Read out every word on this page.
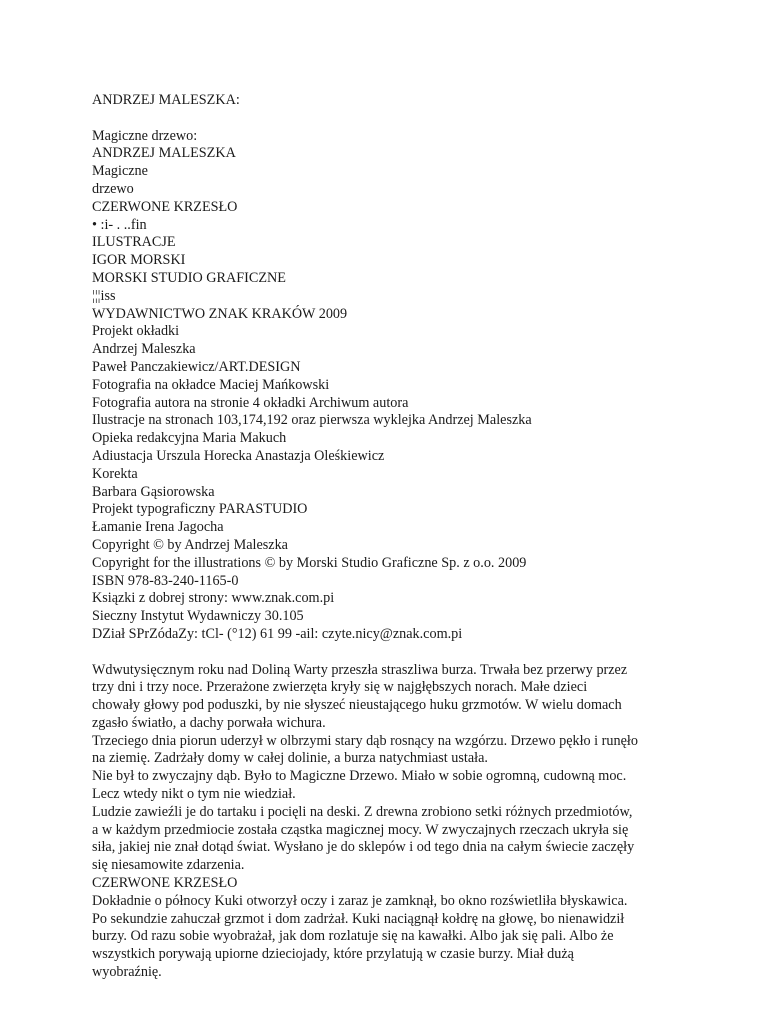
ANDRZEJ MALESZKA:
Magiczne drzewo:
ANDRZEJ MALESZKA
Magiczne
drzewo
CZERWONE KRZESŁO
• :i- . ..fin
ILUSTRACJE
IGOR MORSKI
MORSKI STUDIO GRAFICZNE
¦¦¦iss
WYDAWNICTWO ZNAK KRAKÓW 2009
Projekt okładki
Andrzej Maleszka
Paweł Panczakiewicz/ART.DESIGN
Fotografia na okładce Maciej Mańkowski
Fotografia autora na stronie 4 okładki Archiwum autora
Ilustracje na stronach 103,174,192 oraz pierwsza wyklejka Andrzej Maleszka
Opieka redakcyjna Maria Makuch
Adiustacja Urszula Horecka Anastazja Oleśkiewicz
Korekta
Barbara Gąsiorowska
Projekt typograficzny PARASTUDIO
Łamanie Irena Jagocha
Copyright © by Andrzej Maleszka
Copyright for the illustrations © by Morski Studio Graficzne Sp. z o.o. 2009
ISBN 978-83-240-1165-0
Ksiązki z dobrej strony: www.znak.com.pi
Sieczny Instytut Wydawniczy 30.105
DZiał SPrZódaZy: tCl- (°12) 61 99 -ail: czyte.nicy@znak.com.pi
Wdwutysięcznym roku nad Doliną Warty przeszła straszliwa burza. Trwała bez przerwy przez
trzy dni i trzy noce. Przerażone zwierzęta kryły się w najgłębszych norach. Małe dzieci
chowały głowy pod poduszki, by nie słyszeć nieustającego huku grzmotów. W wielu domach
zgasło światło, a dachy porwała wichura.
Trzeciego dnia piorun uderzył w olbrzymi stary dąb rosnący na wzgórzu. Drzewo pękło i runęło
na ziemię. Zadrżały domy w całej dolinie, a burza natychmiast ustała.
Nie był to zwyczajny dąb. Było to Magiczne Drzewo. Miało w sobie ogromną, cudowną moc.
Lecz wtedy nikt o tym nie wiedział.
Ludzie zawieźli je do tartaku i pocięli na deski. Z drewna zrobiono setki różnych przedmiotów,
a w każdym przedmiocie została cząstka magicznej mocy. W zwyczajnych rzeczach ukryła się
siła, jakiej nie znał dotąd świat. Wysłano je do sklepów i od tego dnia na całym świecie zaczęły
się niesamowite zdarzenia.
CZERWONE KRZESŁO
Dokładnie o północy Kuki otworzył oczy i zaraz je zamknął, bo okno rozświetliła błyskawica.
Po sekundzie zahuczał grzmot i dom zadrżał. Kuki naciągnął kołdrę na głowę, bo nienawidził
burzy. Od razu sobie wyobrażał, jak dom rozlatuje się na kawałki. Albo jak się pali. Albo że
wszystkich porywają upiorne dzieciojady, które przylatują w czasie burzy. Miał dużą
wyobraźnię.
